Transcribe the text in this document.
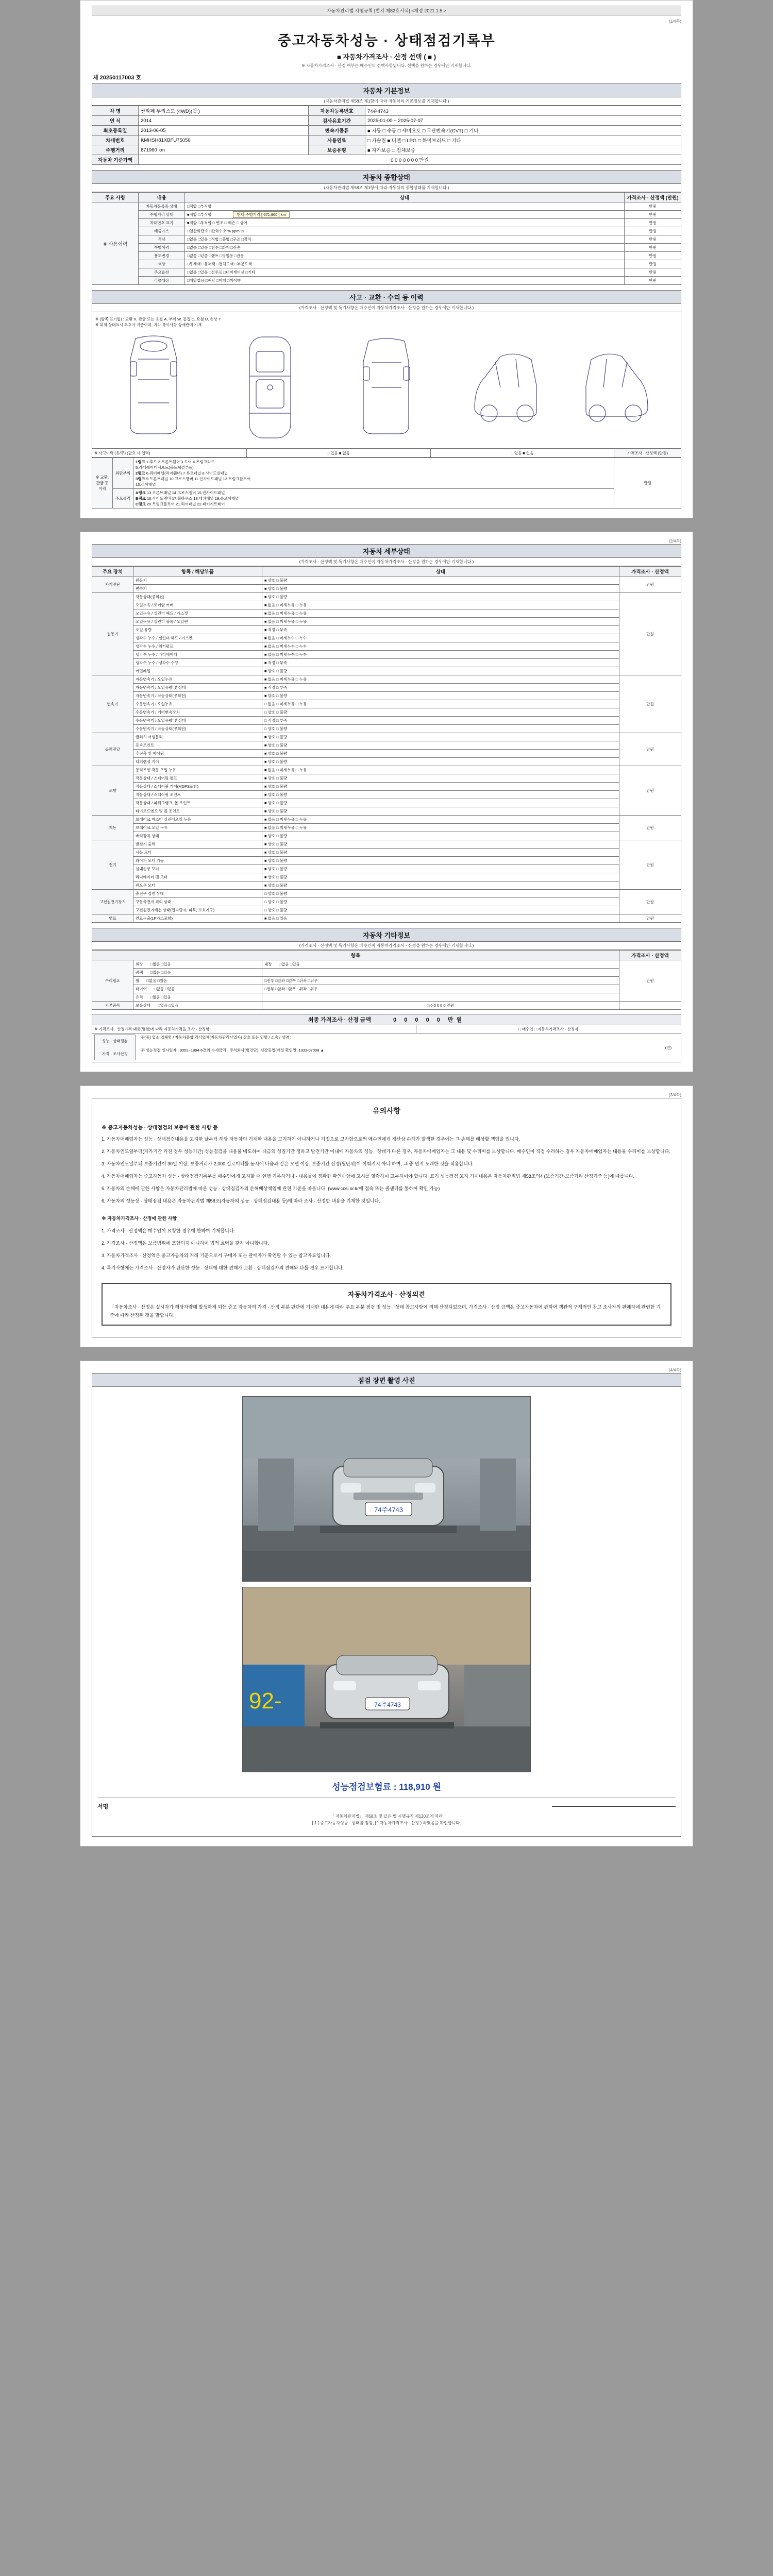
자동차관리법 시행규칙 [별지 제82호서식] <개정 2021.1.5.>
(1/4쪽)
중고자동차성능 · 상태점검기록부
■ 자동차가격조사 · 산정 선택 ( ■ )
※ 자동차가격조사 · 산정 여부는 매수인의 선택사항입니다. 선택을 원하는 경우에만 기재합니다.
제 20250117003 호
자동차 기본정보
(자동차관리법 제58조 제1항에 따라 자동차의 기본정보를 기재합니다.)
차 명	싼타페 투리스모 (4WD)(월 )	자동차등록번호	74쥬4743
연 식	2014	검사유효기간	2025-01-00 ~ 2025-07-07
최초등록일	2013-06-05	변속기종류	■ 자동 □ 수동 □ 세미오토 □ 무단변속기(CVT) □ 기타
차대번호	KMHSH81XBFU75056	사용연료	□ 가솔린 ■ 디젤 □ LPG □ 하이브리드 □ 기타
주행거리	671960 km	보증유형	■ 자가보증 □ 업체보증
자동차 기준가액	0 0 0 0 0 0 0 만원		
자동차 종합상태
(자동차관리법 제58조 제1항에 따라 자동차의 종합상태를 기재합니다.)
주요 사항	내용	상태	가격조사 · 산정액 (만원)
※ 사용이력	자동차등록증 상태	□적합 □부적합	만원
	주행거리 상태	■적합 □부적합 현재 주행거리 [ 671,960 ] km	만원
	차대번호 표기	■적합 □부적합 □ 변조 □ 훼손 □ 상이	만원
	배출가스	□일산화탄소 □탄화수소 % ppm %	만원
	튜닝	□없음 □있음 □적법 □불법 □구조 □장치	만원
	특별이력	□없음 □있음 □침수 □화재 □전손	만원
	용도변경	□없음 □있음 □렌트 □영업용 □관용	만원
	색상	□무채색 □유채색 □전체도색 □부분도색	만원
	주요옵션	□없음 □있음 □선루프 □내비게이션 □기타	만원
	리콜대상	□해당없음 □해당 □이행 □미이행	만원
사고 · 교환 · 수리 등 이력
(가격조사 · 산정액 및 특기사항은 매수인이 자동차가격조사 · 산정을 원하는 경우에만 기재합니다.)
※ (앞쪽 표기법) : 교환 X, 판금 또는 용접 A, 부식 W, 흠집 C, 요철 U, 손상 T
※ 위의 상태표시 부호가 기준이며, 기타 특이사항 상세란에 기재
※ 사고이력 (유/무) (필요 시 입력)	□ 있음 ■ 없음	□ 있음 ■ 없음	가격조사 · 산정액 (만원)
※ 교환, 판금 등 이력	외판부위	1랭크 1.후드 2.프론트휀더 3.도어 4.트렁크리드
5.라디에이터서포트(볼트체결부품)
2랭크 6.쿼터패널(리어휀더) 7.루프패널 8.사이드실패널
3랭크 9.프론트패널 10.크로스멤버 11.인사이드패널 12.트렁크플로어
13.리어패널	만원
	주요골격	A랭크 13.프론트패널 14.크로스멤버 15.인사이드패널
B랭크 16.사이드멤버 17.휠하우스 18.대쉬패널 19.플로어패널
C랭크 20.트렁크플로어 21.리어패널 22.패키지트레이	
(2/4쪽)
자동차 세부상태
(가격조사 · 산정액 및 특기사항은 매수인이 자동차가격조사 · 산정을 원하는 경우에만 기재합니다.)
주요 장치	항목 / 해당부품	상태	가격조사 · 산정액
자기진단	원동기	■ 양호 □ 불량	만원
	변속기	■ 양호 □ 불량	
원동기	작동상태(공회전)	■ 양호 □ 불량	만원
	오일누유 / 로커암 커버	■ 없음 □ 미세누유 □ 누유	
	오일누유 / 실린더 헤드 / 가스켓	■ 없음 □ 미세누유 □ 누유	
	오일누유 / 실린더 블록 / 오일팬	■ 없음 □ 미세누유 □ 누유	
	오일 유량	■ 적정 □ 부족	
	냉각수 누수 / 실린더 헤드 / 가스켓	■ 없음 □ 미세누수 □ 누수	
	냉각수 누수 / 워터펌프	■ 없음 □ 미세누수 □ 누수	
	냉각수 누수 / 라디에이터	■ 없음 □ 미세누수 □ 누수	
	냉각수 누수 / 냉각수 수량	■ 적정 □ 부족	
	커먼레일	■ 양호 □ 불량	
변속기	자동변속기 / 오일누유	■ 없음 □ 미세누유 □ 누유	만원
	자동변속기 / 오일유량 및 상태	■ 적정 □ 부족	
	자동변속기 / 작동상태(공회전)	■ 양호 □ 불량	
	수동변속기 / 오일누유	□ 없음 □ 미세누유 □ 누유	
	수동변속기 / 기어변속장치	□ 양호 □ 불량	
	수동변속기 / 오일유량 및 상태	□ 적정 □ 부족	
	수동변속기 / 작동상태(공회전)	□ 양호 □ 불량	
동력전달	클러치 어셈블리	■ 양호 □ 불량	만원
	등속조인트	■ 양호 □ 불량	
	추진축 및 베어링	■ 양호 □ 불량	
	디퍼렌셜 기어	■ 양호 □ 불량	
조향	동력조향 작동 오일 누유	■ 없음 □ 미세누유 □ 누유	만원
	작동상태 / 스티어링 펌프	■ 양호 □ 불량	
	작동상태 / 스티어링 기어(MDPS포함)	■ 양호 □ 불량	
	작동상태 / 스티어링 조인트	■ 양호 □ 불량	
	작동상태 / 파워크랭크, 볼 조인트	■ 양호 □ 불량	
	타이로드엔드 및 볼 조인트	■ 양호 □ 불량	
제동	브레이크 마스터 실린더오일 누유	■ 없음 □ 미세누유 □ 누유	만원
	브레이크 오일 누유	■ 없음 □ 미세누유 □ 누유	
	배력장치 상태	■ 양호 □ 불량	
전기	발전기 출력	■ 양호 □ 불량	만원
	시동 모터	■ 양호 □ 불량	
	와이퍼 모터 기능	■ 양호 □ 불량	
	실내송풍 모터	■ 양호 □ 불량	
	라디에이터 팬 모터	■ 양호 □ 불량	
	윈도우 모터	■ 양호 □ 불량	
고전원전기장치	충전구 절연 상태	□ 양호 □ 불량	만원
	구동축전지 격리 상태	□ 양호 □ 불량	
	고전원전기배선 상태(접속단자, 피복, 보호기구)	□ 양호 □ 불량	
연료	연료누출(LP가스포함)	■ 없음 □ 있음	만원
자동차 기타정보
(가격조사 · 산정액 및 특기사항은 매수인이 자동차가격조사 · 산정을 원하는 경우에만 기재합니다.)
항목			가격조사 · 산정액
수리필요	외장 □없음 □있음	내장 □없음 □있음	만원
	광택 □없음 □있음		
	휠 □없음 □있음	□전부 □앞좌 □앞우 □뒤좌 □뒤우	
	타이어 □없음 □있음	□전부 □앞좌 □앞우 □뒤좌 □뒤우	
	유리 □없음 □있음		
기본품목	보유상태 □없음 □있음	□ 0 0 0 0 0 만원	
최종 가격조사 · 산정 금액	0 0 0 0 0 만원
※ 가격조사 · 산정가격 내용(별첨)에 따라 자동차가격을 조사 · 산정함	□ 매수인 □ 자동차가격조사 · 산정자

성능 · 상태점검
가격 · 조사산정
㈜(중) 업소 업체명 / 자동차종합 검사업체(자동차관리사업자) 상호 또는 인명 / 소속 / 성명 :
㈜ 성능점검 실시일자 : 9002~1994-6건의 수세금액 · 주식회사(범진단), 신강등업(매설 확인일: 1933-07008 ▲
(인)
(3/4쪽)
유의사항
※ 중고자동차성능 · 상태점검의 보증에 관한 사항 등

1. 자동차매매업자는 성능 · 상태점검내용을 고지한 날부터 해당 자동차의 기재한 내용을 고지하기 아니하거나 거짓으로 고지함으로써 매수인에게 재산상 손해가 발생한 경우에는 그 손해를 배상할 책임을 집니다.

2. 자동차인도일부터(자가기간 커진 경우 성능기간) 성능점검을 내용물 매도하여 대금의 성질기간 정하고 발견기간 이내에 자동차의 성능 · 상태가 다른 경우, 자동차매매업자는 그 내용 및 수리비를 보상합니다. 매수인이 직접 수리하는 경우 자동차매매업자는 내용물 수리비를 보상합니다.

3. 자동차인도일부터 보증기간이 30일 이상, 보증거리가 2,000 킬로미터를 동시에 다음과 같은 모델 이상, 보증기간 산정(월단위)이 이뤄지지 아니 하며, 그 중 먼저 도래한 것을 적용합니다.

4. 자동차매매업자는 중고자동차 성능 · 상태점검기록부를 매수인에게 고지할 때 현행 기록하거나 · 내용물이 정확한 확인사항에 고시를 열람하여 교부하여야 합니다. 표기 성능점검 고지 기재내용은 자동차관리법 제58조의4 (보증기간·보증거리 산정기준 등)에 따릅니다.

5. 자동차의 손해에 관한 사항은 자동차관리법에 따른 성능 · 상태점검자의 손해배상책임에 관련 기준을 따릅니다. (www.ccsi.or.kr에 접속 또는 콜센터를 통하여 확인 가능)

6. 자동차의 성능상 · 상태점검 내용은 자동차관리법 제58조(자동차의 성능 · 상태점검내용 등)에 따라 조사 · 산정한 내용을 기재한 것입니다.

※ 자동차가격조사 · 산정에 관한 사항

1. 가격조사 · 산정액은 매수인이 요청한 경우에 한하여 기재합니다.

2. 가격조사 · 산정액은 보증범위에 포함되지 아니하며 법적 효력을 갖지 아니합니다.

3. 자동차가격조사 · 산정액은 중고자동차의 거래 기준으로서 구매자 또는 판매자가 확인할 수 있는 참고자료입니다.

4. 특기사항에는 가격조사 · 산정자가 판단한 성능 · 상태에 대한 견해가 교환 · 상태점검자의 견해와 다를 경우 표기합니다.

자동차가격조사 · 산정의견
「자동차조사 · 산정은 실시자가 해당차량에 발생하게 되는 중고 자동차의 가격 · 산정 부분 판단에 기재한 내용에 따라 주요 부분 점검 및 성능 · 상태 참고사항에 의해 산정되었으며, 가격조사 · 산정 금액은 중고자동차에 관하여 객관적 구체적인 참고 조사자의 판매차에 관련한 기준에 따라 산정된 것을 말합니다.」
(4/4쪽)
점검 장면 촬영 사진
74주4743
92-	74주4743
성능점검보험료 : 118,910 원
서명
「 자동차관리법」 제58조 및 같은 법 시행규칙 제120조에 따라
[ 1 ] 중고자동차성능 · 상태를 점검, [ ] 자동차가격조사 · 산정 ) 하였음을 확인합니다.
